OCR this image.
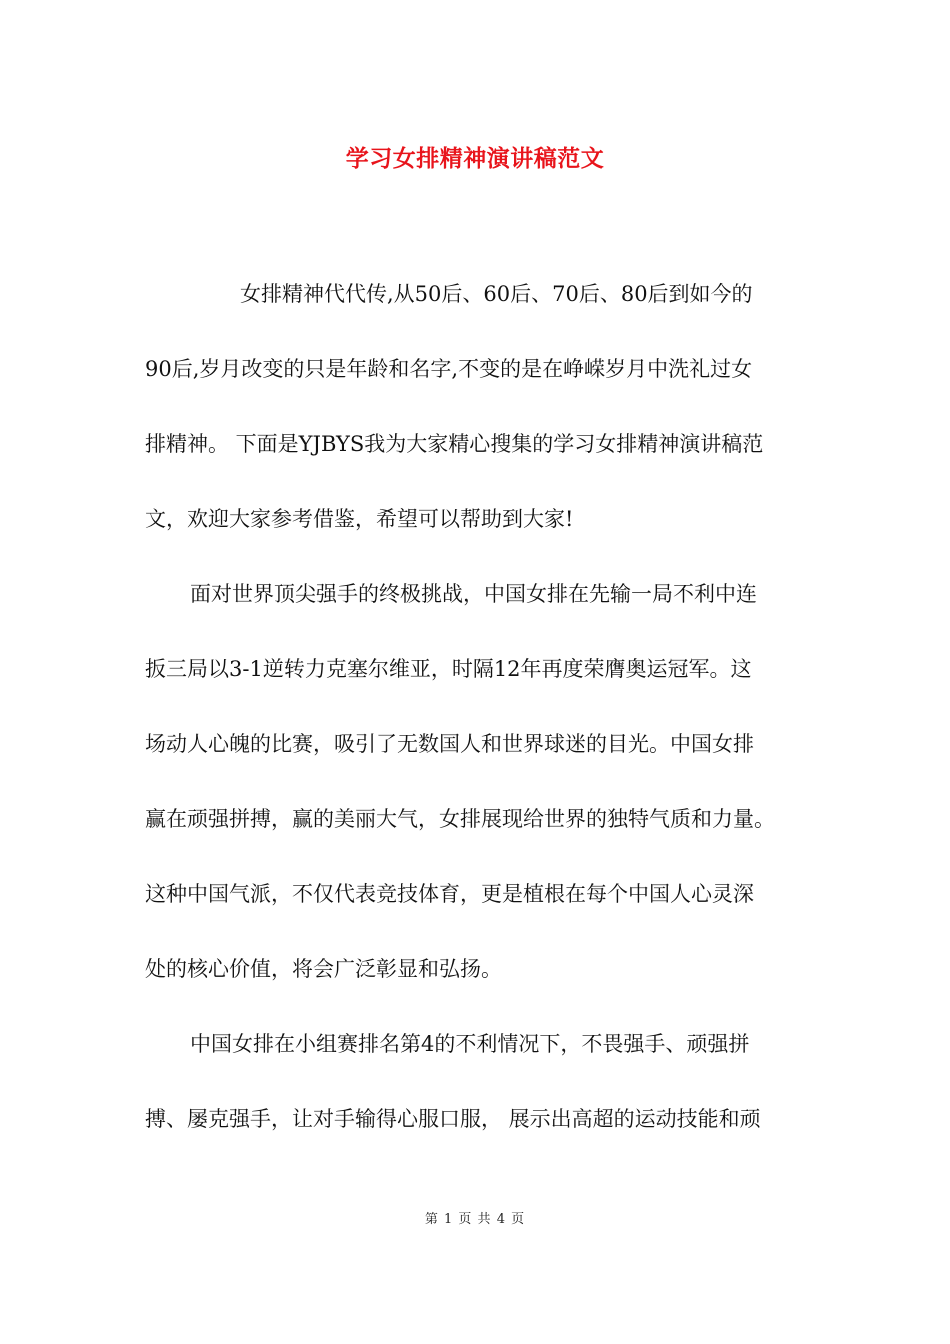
学习女排精神演讲稿范文
女排精神代代传,从50后、60后、70后、80后到如今的
90后,岁月改变的只是年龄和名字,不变的是在峥嵘岁月中洗礼过女
排精神。 下面是YJBYS我为大家精心搜集的学习女排精神演讲稿范
文，欢迎大家参考借鉴，希望可以帮助到大家!
面对世界顶尖强手的终极挑战，中国女排在先输一局不利中连
扳三局以3-1逆转力克塞尔维亚，时隔12年再度荣膺奥运冠军。这
场动人心魄的比赛，吸引了无数国人和世界球迷的目光。中国女排
赢在顽强拼搏，赢的美丽大气，女排展现给世界的独特气质和力量。
这种中国气派，不仅代表竞技体育，更是植根在每个中国人心灵深
处的核心价值，将会广泛彰显和弘扬。
中国女排在小组赛排名第4的不利情况下，不畏强手、顽强拼
搏、屡克强手，让对手输得心服口服， 展示出高超的运动技能和顽
第 1 页 共 4 页
